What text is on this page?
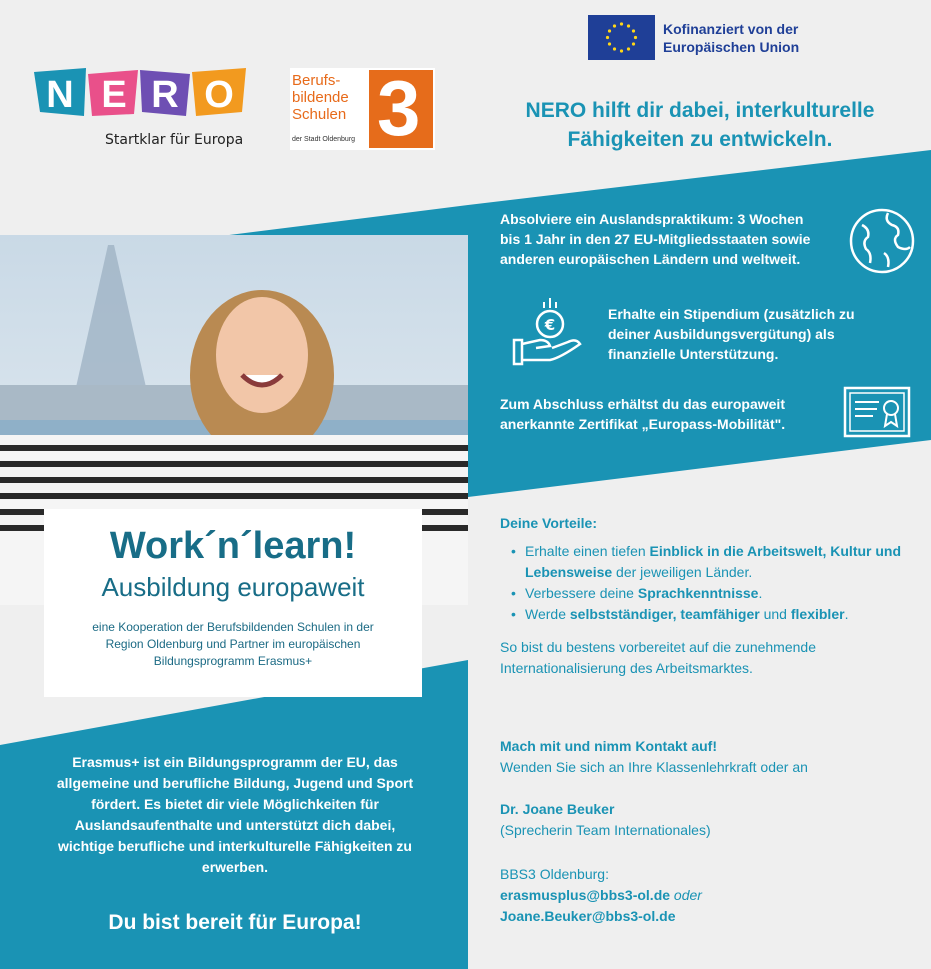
Kofinanziert von der
Europäischen Union
N E R O
Startklar für Europa
Berufs-
bildende
Schulen
der Stadt Oldenburg 3	NERO hilft dir dabei, interkulturelle
Fähigkeiten zu entwickeln.
Absolviere ein Auslandspraktikum: 3 Wochen
bis 1 Jahr in den 27 EU-Mitgliedsstaaten sowie
anderen europäischen Ländern und weltweit.
€
Erhalte ein Stipendium (zusätzlich zu
deiner Ausbildungsvergütung) als
finanzielle Unterstützung.
Zum Abschluss erhältst du das europaweit
anerkannte Zertifikat „Europass-Mobilität".
Work´n´learn!
Ausbildung europaweit
eine Kooperation der Berufsbildenden Schulen in der
Region Oldenburg und Partner im europäischen
Bildungsprogramm Erasmus+
Erasmus+ ist ein Bildungsprogramm der EU, das
allgemeine und berufliche Bildung, Jugend und Sport
fördert. Es bietet dir viele Möglichkeiten für
Auslandsaufenthalte und unterstützt dich dabei,
wichtige berufliche und interkulturelle Fähigkeiten zu
erwerben.
Du bist bereit für Europa!
Deine Vorteile:
• Erhalte einen tiefen Einblick in die Arbeitswelt, Kultur und
Lebensweise der jeweiligen Länder.
• Verbessere deine Sprachkenntnisse.
• Werde selbstständiger, teamfähiger und flexibler.
So bist du bestens vorbereitet auf die zunehmende
Internationalisierung des Arbeitsmarktes.
Mach mit und nimm Kontakt auf!
Wenden Sie sich an Ihre Klassenlehrkraft oder an
Dr. Joane Beuker
(Sprecherin Team Internationales)
BBS3 Oldenburg:
erasmusplus@bbs3-ol.de oder
Joane.Beuker@bbs3-ol.de
